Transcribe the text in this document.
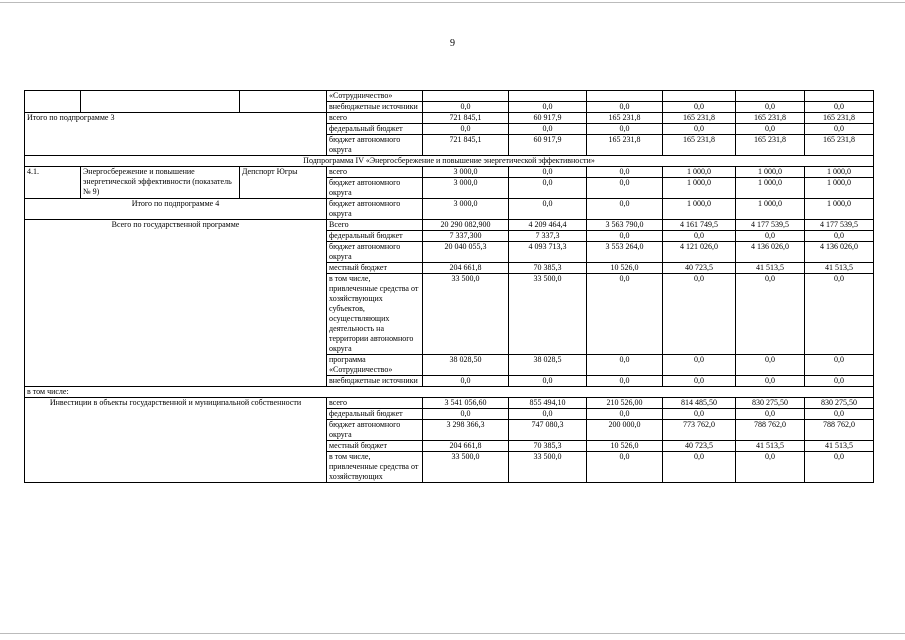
9
			«Сотрудничество»						
			внебюджетные источники	0,0	0,0	0,0	0,0	0,0	0,0
Итого по подпрограмме 3			всего	721 845,1	60 917,9	165 231,8	165 231,8	165 231,8	165 231,8
			федеральный бюджет	0,0	0,0	0,0	0,0	0,0	0,0
			бюджет автономного округа	721 845,1	60 917,9	165 231,8	165 231,8	165 231,8	165 231,8
Подпрограмма IV «Энергосбережение и повышение энергетической эффективности»									
4.1.	Энергосбережение и повышение энергетической эффективности (показатель № 9)	Депспорт Югры	всего	3 000,0	0,0	0,0	1 000,0	1 000,0	1 000,0
			бюджет автономного округа	3 000,0	0,0	0,0	1 000,0	1 000,0	1 000,0
Итого по подпрограмме 4			бюджет автономного округа	3 000,0	0,0	0,0	1 000,0	1 000,0	1 000,0
Всего по государственной программе			Всего	20 290 082,900	4 209 464,4	3 563 790,0	4 161 749,5	4 177 539,5	4 177 539,5
			федеральный бюджет	7 337,300	7 337,3	0,0	0,0	0,0	0,0
			бюджет автономного округа	20 040 055,3	4 093 713,3	3 553 264,0	4 121 026,0	4 136 026,0	4 136 026,0
			местный бюджет	204 661,8	70 385,3	10 526,0	40 723,5	41 513,5	41 513,5
			в том числе, привлеченные средства от хозяйствующих субъектов, осуществляющих деятельность на территории автономного округа	33 500,0	33 500,0	0,0	0,0	0,0	0,0
			программа «Сотрудничество»	38 028,50	38 028,5	0,0	0,0	0,0	0,0
			внебюджетные источники	0,0	0,0	0,0	0,0	0,0	0,0
в том числе:									
Инвестиции в объекты государственной и муниципальной собственности			всего	3 541 056,60	855 494,10	210 526,00	814 485,50	830 275,50	830 275,50
			федеральный бюджет	0,0	0,0	0,0	0,0	0,0	0,0
			бюджет автономного округа	3 298 366,3	747 080,3	200 000,0	773 762,0	788 762,0	788 762,0
			местный бюджет	204 661,8	70 385,3	10 526,0	40 723,5	41 513,5	41 513,5
			в том числе, привлеченные средства от хозяйствующих	33 500,0	33 500,0	0,0	0,0	0,0	0,0
